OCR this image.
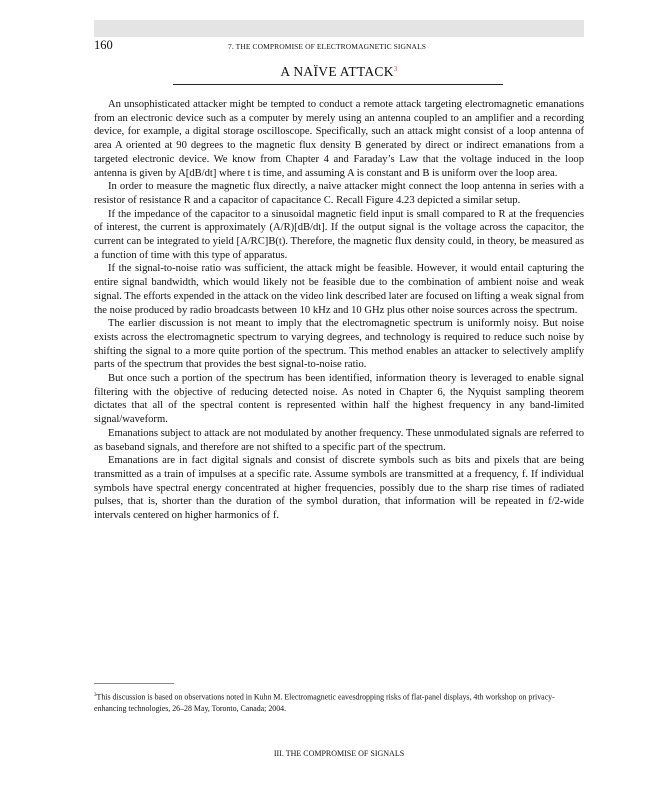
160	7. THE COMPROMISE OF ELECTROMAGNETIC SIGNALS
A NAÏVE ATTACK$^3$

An unsophisticated attacker might be tempted to conduct a remote attack targeting electromagnetic emanations from an electronic device such as a computer by merely using an antenna coupled to an amplifier and a recording device, for example, a digital storage oscilloscope. Specifically, such an attack might consist of a loop antenna of area A oriented at 90 degrees to the magnetic flux density B generated by direct or indirect emanations from a targeted electronic device. We know from Chapter 4 and Faraday’s Law that the voltage induced in the loop antenna is given by A[dB/dt] where t is time, and assuming A is constant and B is uniform over the loop area.

In order to measure the magnetic flux directly, a naive attacker might connect the loop antenna in series with a resistor of resistance R and a capacitor of capacitance C. Recall Figure 4.23 depicted a similar setup.

If the impedance of the capacitor to a sinusoidal magnetic field input is small compared to R at the frequencies of interest, the current is approximately (A/R)[dB/dt]. If the output signal is the voltage across the capacitor, the current can be integrated to yield [A/RC]B(t). Therefore, the magnetic flux density could, in theory, be measured as a function of time with this type of apparatus.

If the signal-to-noise ratio was sufficient, the attack might be feasible. However, it would entail capturing the entire signal bandwidth, which would likely not be feasible due to the combination of ambient noise and weak signal. The efforts expended in the attack on the video link described later are focused on lifting a weak signal from the noise produced by radio broadcasts between 10 kHz and 10 GHz plus other noise sources across the spectrum.

The earlier discussion is not meant to imply that the electromagnetic spectrum is uniformly noisy. But noise exists across the electromagnetic spectrum to varying degrees, and technology is required to reduce such noise by shifting the signal to a more quite portion of the spectrum. This method enables an attacker to selectively amplify parts of the spectrum that provides the best signal-to-noise ratio.

But once such a portion of the spectrum has been identified, information theory is leveraged to enable signal filtering with the objective of reducing detected noise. As noted in Chapter 6, the Nyquist sampling theorem dictates that all of the spectral content is represented within half the highest frequency in any band-limited signal/waveform.

Emanations subject to attack are not modulated by another frequency. These unmodulated signals are referred to as baseband signals, and therefore are not shifted to a specific part of the spectrum.

Emanations are in fact digital signals and consist of discrete symbols such as bits and pixels that are being transmitted as a train of impulses at a specific rate. Assume symbols are transmitted at a frequency, f. If individual symbols have spectral energy concentrated at higher frequencies, possibly due to the sharp rise times of radiated pulses, that is, shorter than the duration of the symbol duration, that information will be repeated in f/2-wide intervals centered on higher harmonics of f.

$^3$This discussion is based on observations noted in Kuhn M. Electromagnetic eavesdropping risks of flat-panel displays, 4th workshop on privacy-enhancing technologies, 26–28 May, Toronto, Canada; 2004.
III. THE COMPROMISE OF SIGNALS
